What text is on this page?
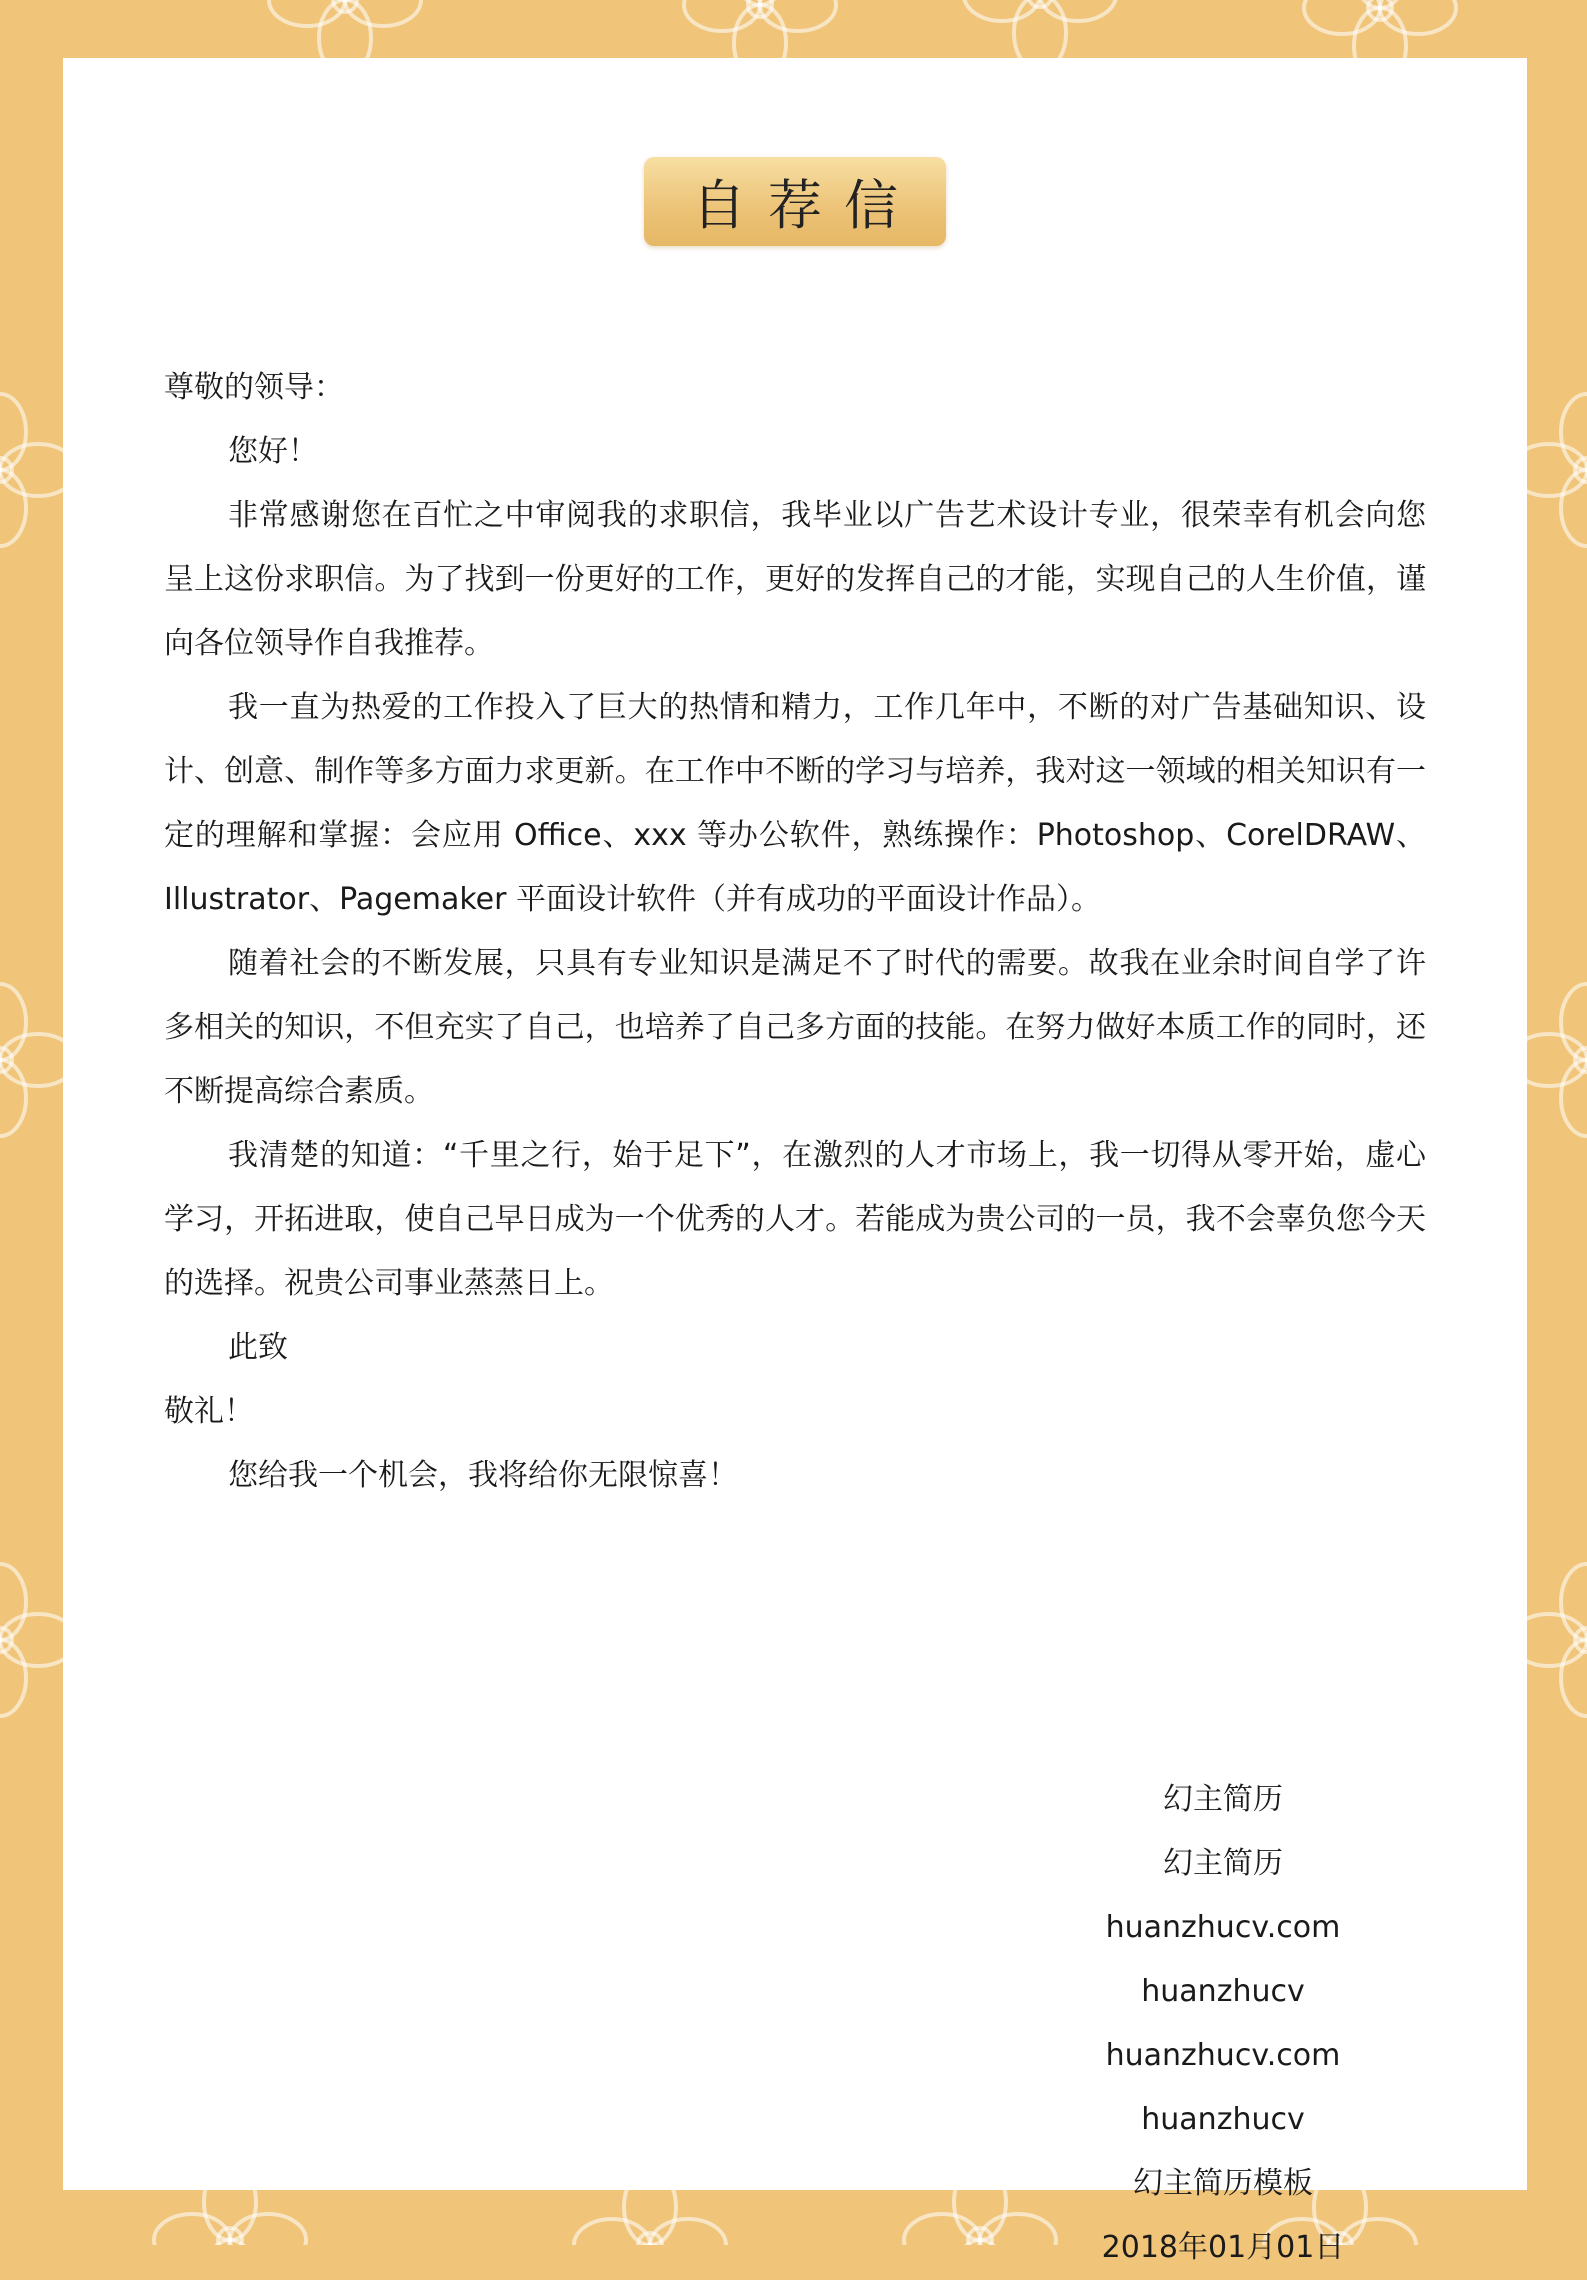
自荐信

尊敬的领导：

您好！

非常感谢您在百忙之中审阅我的求职信，我毕业以广告艺术设计专业，很荣幸有机会向您呈上这份求职信。为了找到一份更好的工作，更好的发挥自己的才能，实现自己的人生价值，谨向各位领导作自我推荐。

我一直为热爱的工作投入了巨大的热情和精力，工作几年中，不断的对广告基础知识、设计、创意、制作等多方面力求更新。在工作中不断的学习与培养，我对这一领域的相关知识有一定的理解和掌握：会应用 Office、xxx 等办公软件，熟练操作：Photoshop、CorelDRAW、Illustrator、Pagemaker 平面设计软件（并有成功的平面设计作品）。

随着社会的不断发展，只具有专业知识是满足不了时代的需要。故我在业余时间自学了许多相关的知识，不但充实了自己，也培养了自己多方面的技能。在努力做好本质工作的同时，还不断提高综合素质。

我清楚的知道：“千里之行，始于足下”，在激烈的人才市场上，我一切得从零开始，虚心学习，开拓进取，使自己早日成为一个优秀的人才。若能成为贵公司的一员，我不会辜负您今天的选择。祝贵公司事业蒸蒸日上。

此致

敬礼！

您给我一个机会，我将给你无限惊喜！

幻主简历
幻主简历
huanzhucv.com
huanzhucv
huanzhucv.com
huanzhucv
幻主简历模板
2018年01月01日
